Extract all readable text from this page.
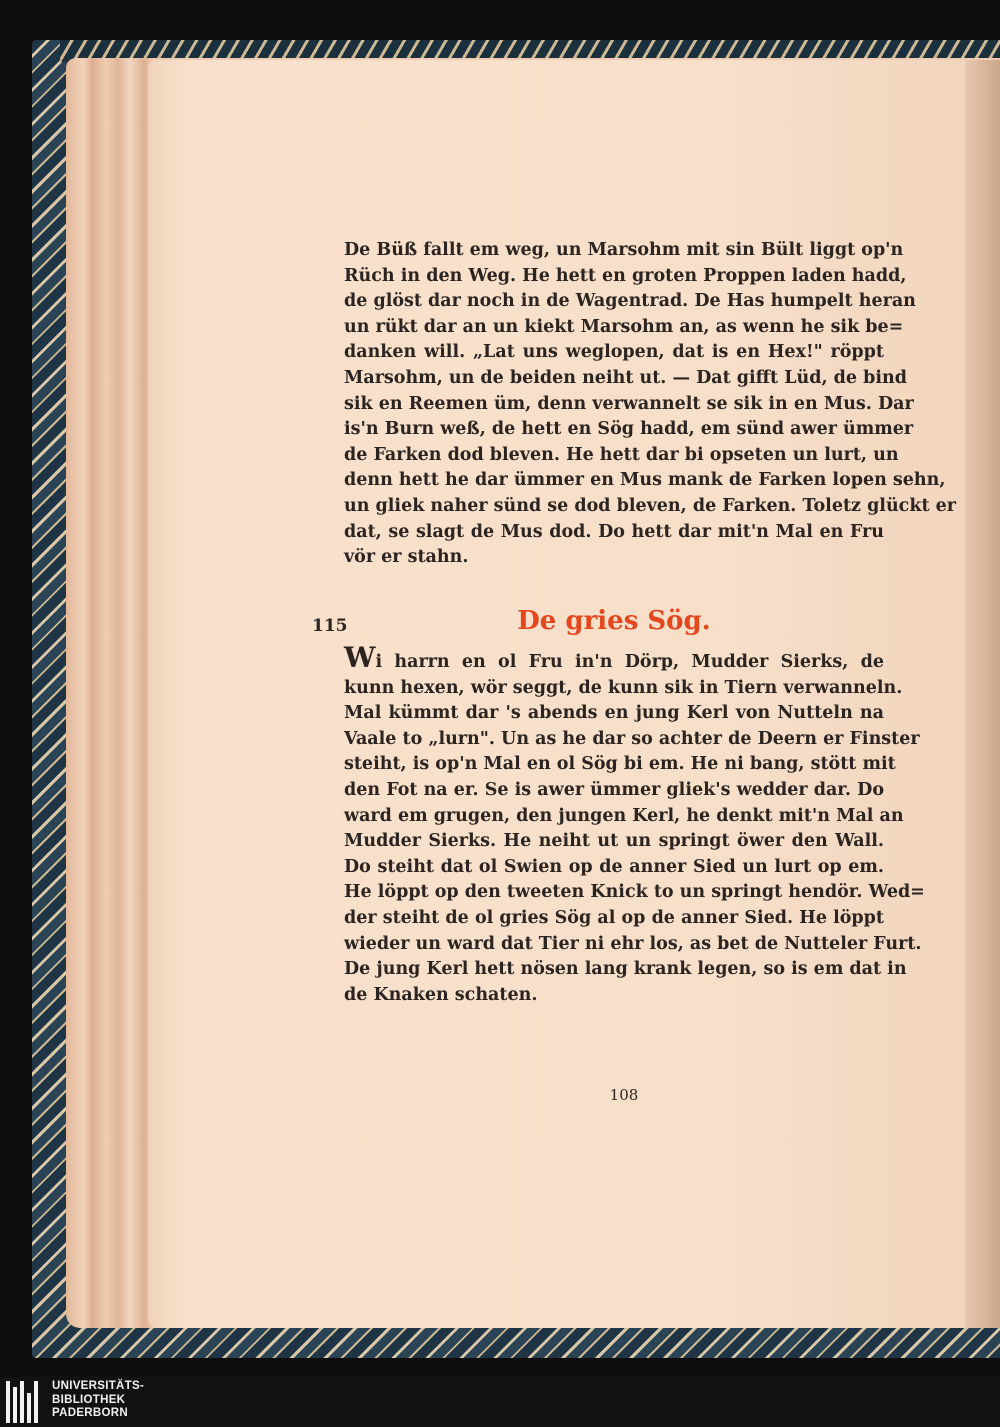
De Büß fallt em weg, un Marsohm mit sin Bült liggt op'n
Rüch in den Weg. He hett en groten Proppen laden hadd,
de glöst dar noch in de Wagentrad. De Has humpelt heran
un rükt dar an un kiekt Marsohm an, as wenn he sik be=
danken will. „Lat uns weglopen, dat is en Hex!" röppt
Marsohm, un de beiden neiht ut. — Dat gifft Lüd, de bind
sik en Reemen üm, denn verwannelt se sik in en Mus. Dar
is'n Burn weß, de hett en Sög hadd, em sünd awer ümmer
de Farken dod bleven. He hett dar bi opseten un lurt, un
denn hett he dar ümmer en Mus mank de Farken lopen sehn,
un gliek naher sünd se dod bleven, de Farken. Toletz glückt er
dat, se slagt de Mus dod. Do hett dar mit'n Mal en Fru
vör er stahn.
115	De gries Sög.
Wi harrn en ol Fru in'n Dörp, Mudder Sierks, de
kunn hexen, wör seggt, de kunn sik in Tiern verwanneln.
Mal kümmt dar 's abends en jung Kerl von Nutteln na
Vaale to „lurn". Un as he dar so achter de Deern er Finster
steiht, is op'n Mal en ol Sög bi em. He ni bang, stött mit
den Fot na er. Se is awer ümmer gliek's wedder dar. Do
ward em grugen, den jungen Kerl, he denkt mit'n Mal an
Mudder Sierks. He neiht ut un springt öwer den Wall.
Do steiht dat ol Swien op de anner Sied un lurt op em.
He löppt op den tweeten Knick to un springt hendör. Wed=
der steiht de ol gries Sög al op de anner Sied. He löppt
wieder un ward dat Tier ni ehr los, as bet de Nutteler Furt.
De jung Kerl hett nösen lang krank legen, so is em dat in
de Knaken schaten.
108
UNIVERSITÄTS-
BIBLIOTHEK
PADERBORN
